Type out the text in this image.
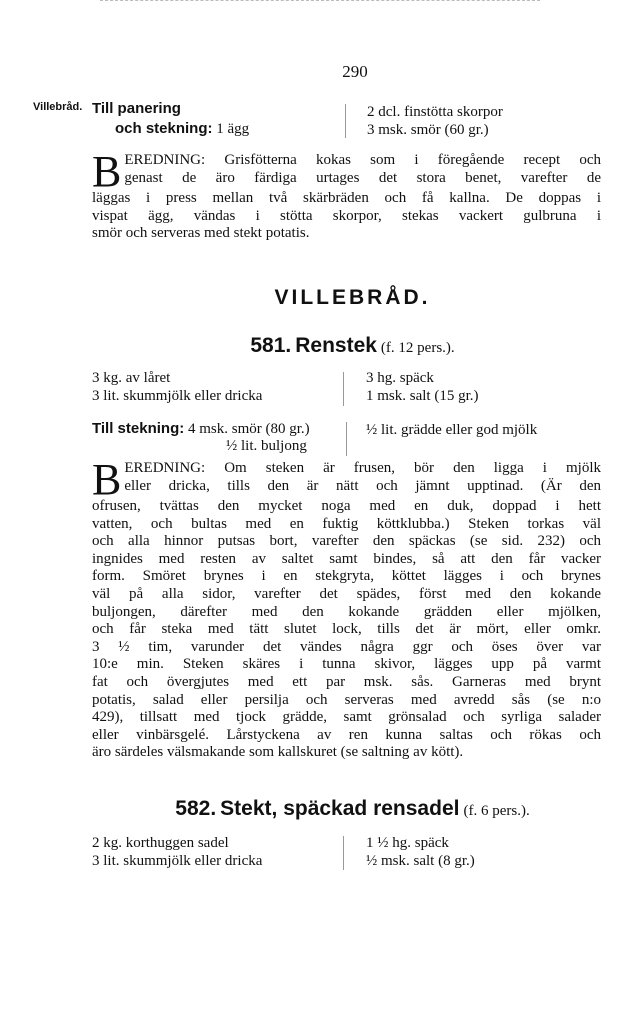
290
Villebråd. Till panering
och stekning: 1 ägg
2 dcl. finstötta skorpor
3 msk. smör (60 gr.)
B EREDNING: Grisfötterna kokas som i föregående recept och
genast de äro färdiga urtages det stora benet, varefter de
läggas i press mellan två skärbräden och få kallna. De doppas i
vispat ägg, vändas i stötta skorpor, stekas vackert gulbruna i
smör och serveras med stekt potatis.
VILLEBRÅD.
581. Renstek (f. 12 pers.).
3 kg. av låret
3 lit. skummjölk eller dricka
3 hg. späck
1 msk. salt (15 gr.)
Till stekning: 4 msk. smör (80 gr.)
½ lit. buljong
½ lit. grädde eller god mjölk
B EREDNING: Om steken är frusen, bör den ligga i mjölk
eller dricka, tills den är nätt och jämnt upptinad. (Är den
ofrusen, tvättas den mycket noga med en duk, doppad i hett
vatten, och bultas med en fuktig köttklubba.) Steken torkas väl
och alla hinnor putsas bort, varefter den späckas (se sid. 232) och
ingnides med resten av saltet samt bindes, så att den får vacker
form. Smöret brynes i en stekgryta, köttet lägges i och brynes
väl på alla sidor, varefter det spädes, först med den kokande
buljongen, därefter med den kokande grädden eller mjölken,
och får steka med tätt slutet lock, tills det är mört, eller omkr.
3 ½ tim, varunder det vändes några ggr och öses över var
10:e min. Steken skäres i tunna skivor, lägges upp på varmt
fat och övergjutes med ett par msk. sås. Garneras med brynt
potatis, salad eller persilja och serveras med avredd sås (se n:o
429), tillsatt med tjock grädde, samt grönsalad och syrliga salader
eller vinbärsgelé. Lårstyckena av ren kunna saltas och rökas och
äro särdeles välsmakande som kallskuret (se saltning av kött).
582. Stekt, späckad rensadel (f. 6 pers.).
2 kg. korthuggen sadel
3 lit. skummjölk eller dricka
1 ½ hg. späck
½ msk. salt (8 gr.)
